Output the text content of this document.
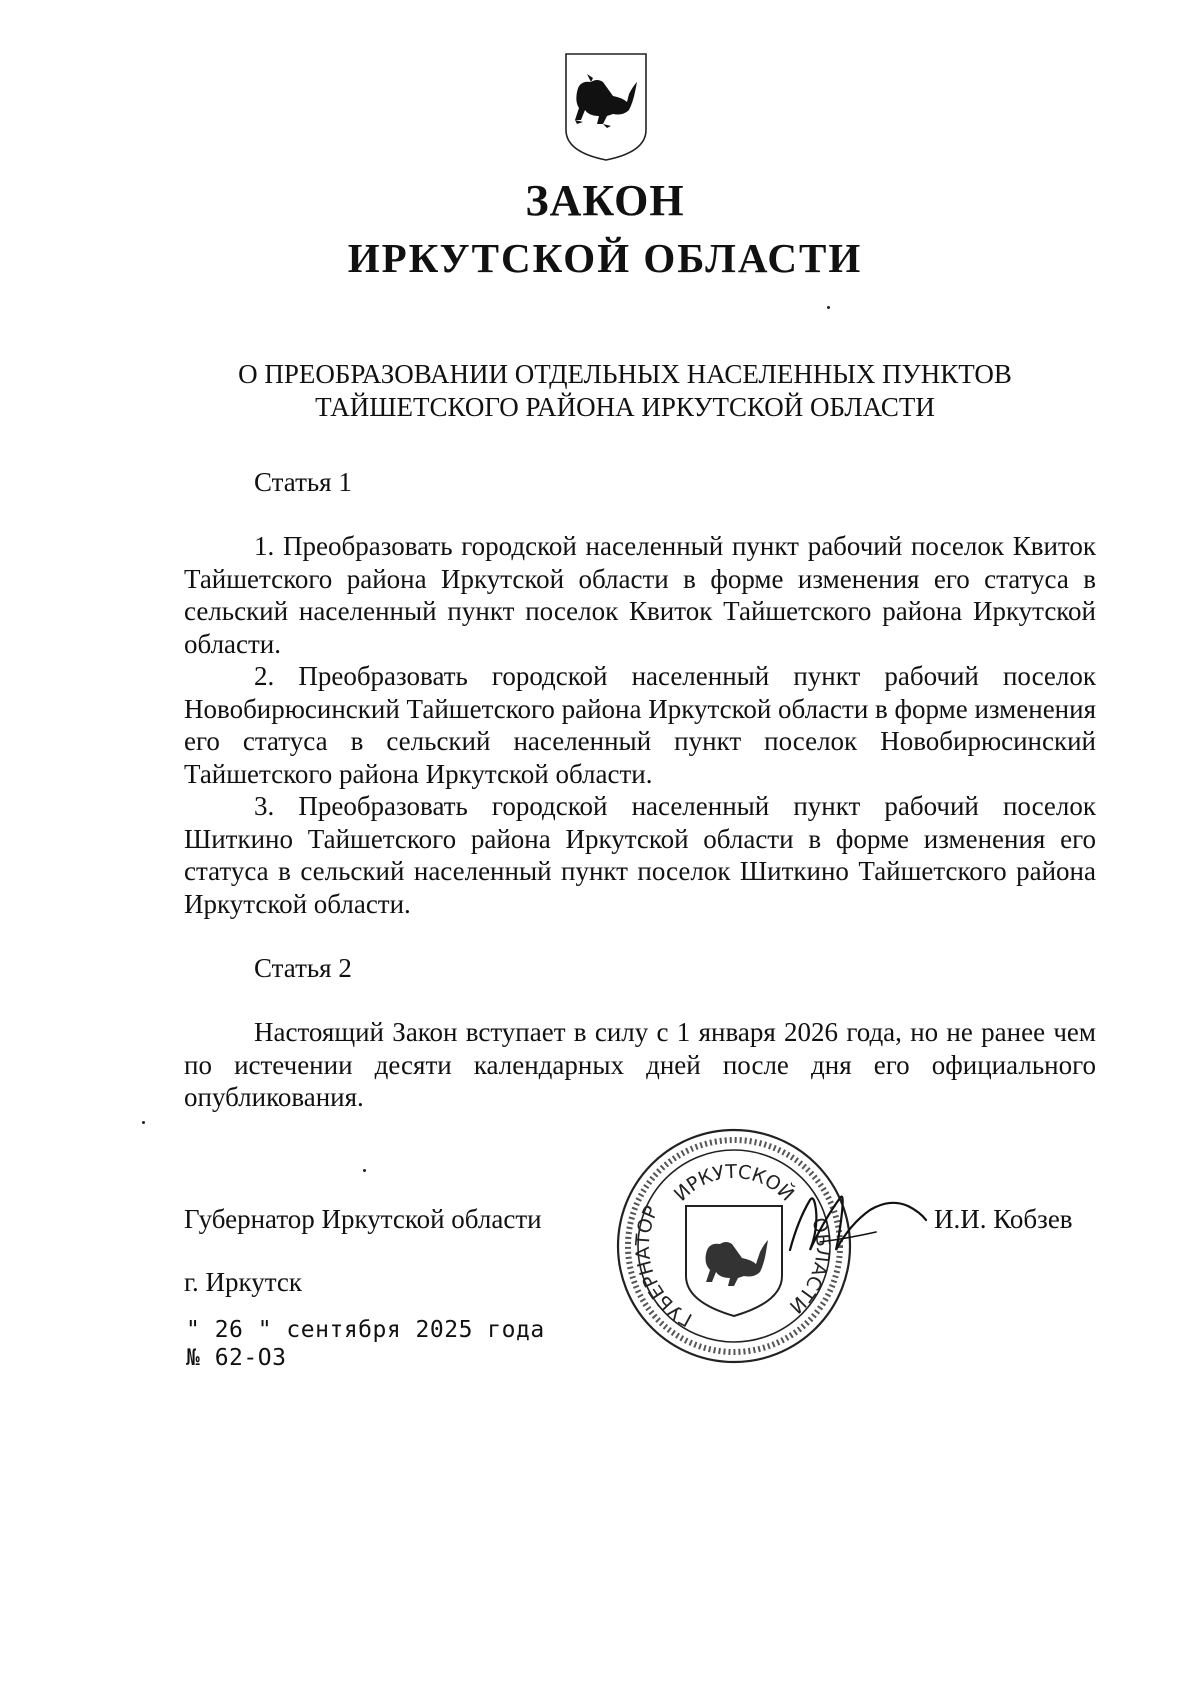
ЗАКОН
ИРКУТСКОЙ ОБЛАСТИ
О ПРЕОБРАЗОВАНИИ ОТДЕЛЬНЫХ НАСЕЛЕННЫХ ПУНКТОВ
ТАЙШЕТСКОГО РАЙОНА ИРКУТСКОЙ ОБЛАСТИ
Статья 1
1. Преобразовать городской населенный пункт рабочий поселок Квиток Тайшетского района Иркутской области в форме изменения его статуса в сельский населенный пункт поселок Квиток Тайшетского района Иркутской области.
2. Преобразовать городской населенный пункт рабочий поселок Новобирюсинский Тайшетского района Иркутской области в форме изменения его статуса в сельский населенный пункт поселок Новобирюсинский Тайшетского района Иркутской области.
3. Преобразовать городской населенный пункт рабочий поселок Шиткино Тайшетского района Иркутской области в форме изменения его статуса в сельский населенный пункт поселок Шиткино Тайшетского района Иркутской области.
Статья 2
Настоящий Закон вступает в силу с 1 января 2026 года, но не ранее чем по истечении десяти календарных дней после дня его официального опубликования.
Губернатор Иркутской области
ИРКУТСКОЙ
ГУБЕРНАТОР
ОБЛАСТИ
И.И. Кобзев
г. Иркутск
" 26 " сентября 2025 года
№ 62-ОЗ
